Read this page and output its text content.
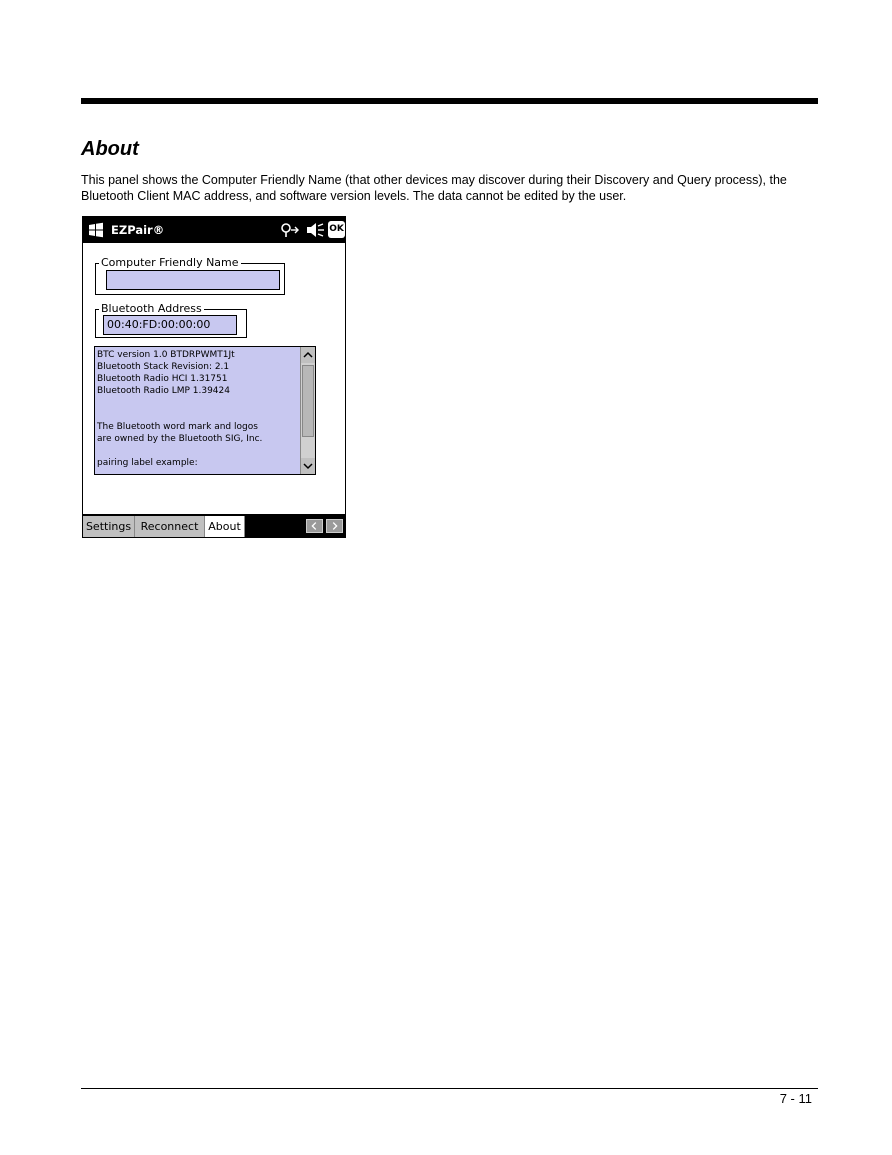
About

This panel shows the Computer Friendly Name (that other devices may discover during their Discovery and Query process), the Bluetooth Client MAC address, and software version levels. The data cannot be edited by the user.

EZPair®	OK
Computer Friendly Name
Bluetooth Address
00:40:FD:00:00:00
BTC version 1.0 BTDRPWMT1Jt
Bluetooth Stack Revision: 2.1
Bluetooth Radio HCI 1.31751
Bluetooth Radio LMP 1.39424
The Bluetooth word mark and logos
are owned by the Bluetooth SIG, Inc.
pairing label example:
Settings Reconnect About
7 - 11
